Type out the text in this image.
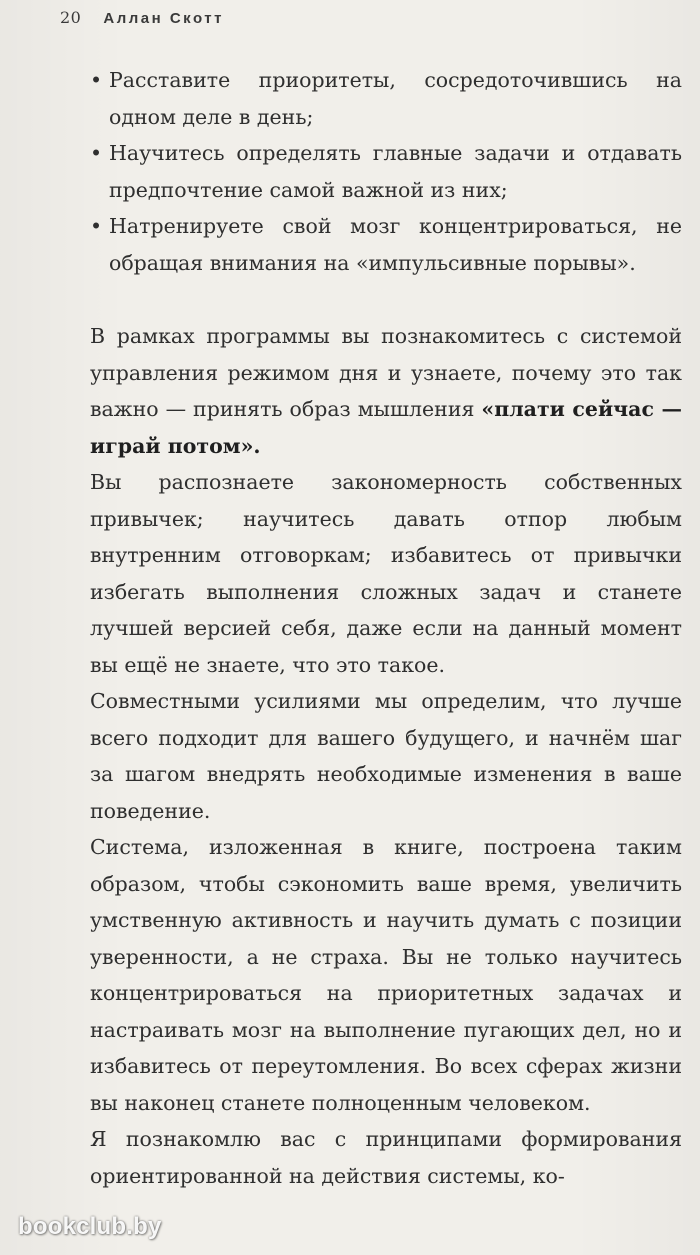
20 Аллан Скотт
• Расставите приоритеты, сосредоточившись на одном деле в день;
• Научитесь определять главные задачи и отдавать предпочтение самой важной из них;
• Натренируете свой мозг концентрироваться, не обращая внимания на «импульсивные порывы».

В рамках программы вы познакомитесь с системой управления режимом дня и узнаете, почему это так важно — принять образ мышления «плати сейчас — играй потом».

Вы распознаете закономерность собственных привычек; научитесь давать отпор любым внутренним отговоркам; избавитесь от привычки избегать выполнения сложных задач и станете лучшей версией себя, даже если на данный момент вы ещё не знаете, что это такое.

Совместными усилиями мы определим, что лучше всего подходит для вашего будущего, и начнём шаг за шагом внедрять необходимые изменения в ваше поведение.

Система, изложенная в книге, построена таким образом, чтобы сэкономить ваше время, увеличить умственную активность и научить думать с позиции уверенности, а не страха. Вы не только научитесь концентрироваться на приоритетных задачах и настраивать мозг на выполнение пугающих дел, но и избавитесь от переутомления. Во всех сферах жизни вы наконец станете полноценным человеком.

Я познакомлю вас с принципами формирования ориентированной на действия системы, ко-

bookclub.by
